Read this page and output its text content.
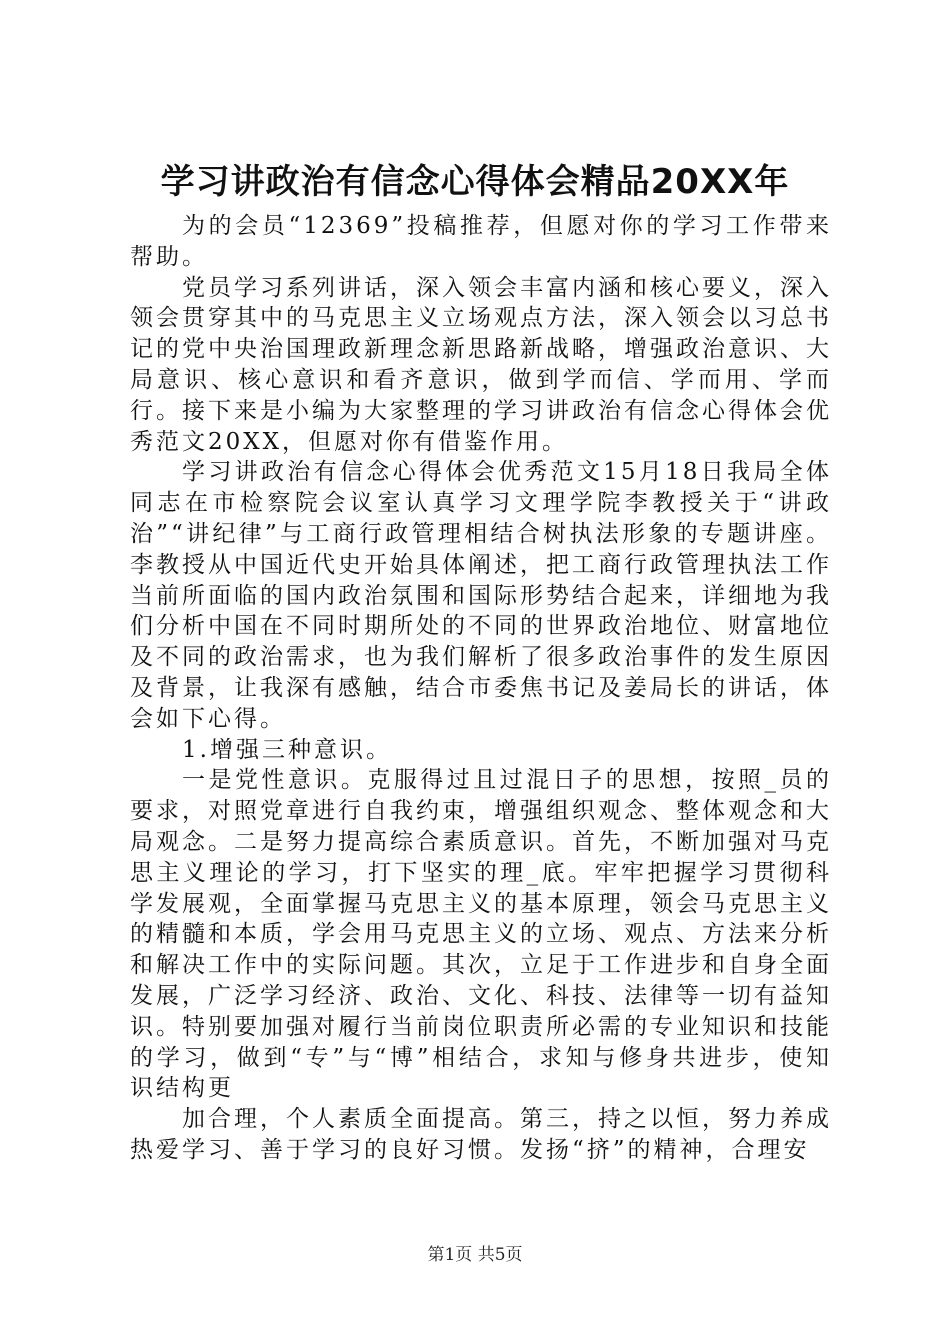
学习讲政治有信念心得体会精品20XX年

为的会员“12369”投稿推荐，但愿对你的学习工作带来帮助。

党员学习系列讲话，深入领会丰富内涵和核心要义，深入领会贯穿其中的马克思主义立场观点方法，深入领会以习总书记的党中央治国理政新理念新思路新战略，增强政治意识、大局意识、核心意识和看齐意识，做到学而信、学而用、学而行。接下来是小编为大家整理的学习讲政治有信念心得体会优秀范文20XX，但愿对你有借鉴作用。

学习讲政治有信念心得体会优秀范文15月18日我局全体同志在市检察院会议室认真学习文理学院李教授关于“讲政治”“讲纪律”与工商行政管理相结合树执法形象的专题讲座。李教授从中国近代史开始具体阐述，把工商行政管理执法工作当前所面临的国内政治氛围和国际形势结合起来，详细地为我们分析中国在不同时期所处的不同的世界政治地位、财富地位及不同的政治需求，也为我们解析了很多政治事件的发生原因及背景，让我深有感触，结合市委焦书记及姜局长的讲话，体会如下心得。

1.增强三种意识。

一是党性意识。克服得过且过混日子的思想，按照_员的要求，对照党章进行自我约束，增强组织观念、整体观念和大局观念。二是努力提高综合素质意识。首先，不断加强对马克思主义理论的学习，打下坚实的理_底。牢牢把握学习贯彻科学发展观，全面掌握马克思主义的基本原理，领会马克思主义的精髓和本质，学会用马克思主义的立场、观点、方法来分析和解决工作中的实际问题。其次，立足于工作进步和自身全面发展，广泛学习经济、政治、文化、科技、法律等一切有益知识。特别要加强对履行当前岗位职责所必需的专业知识和技能的学习，做到“专”与“博”相结合，求知与修身共进步，使知识结构更

加合理，个人素质全面提高。第三，持之以恒，努力养成热爱学习、善于学习的良好习惯。发扬“挤”的精神，合理安

第1页 共5页
